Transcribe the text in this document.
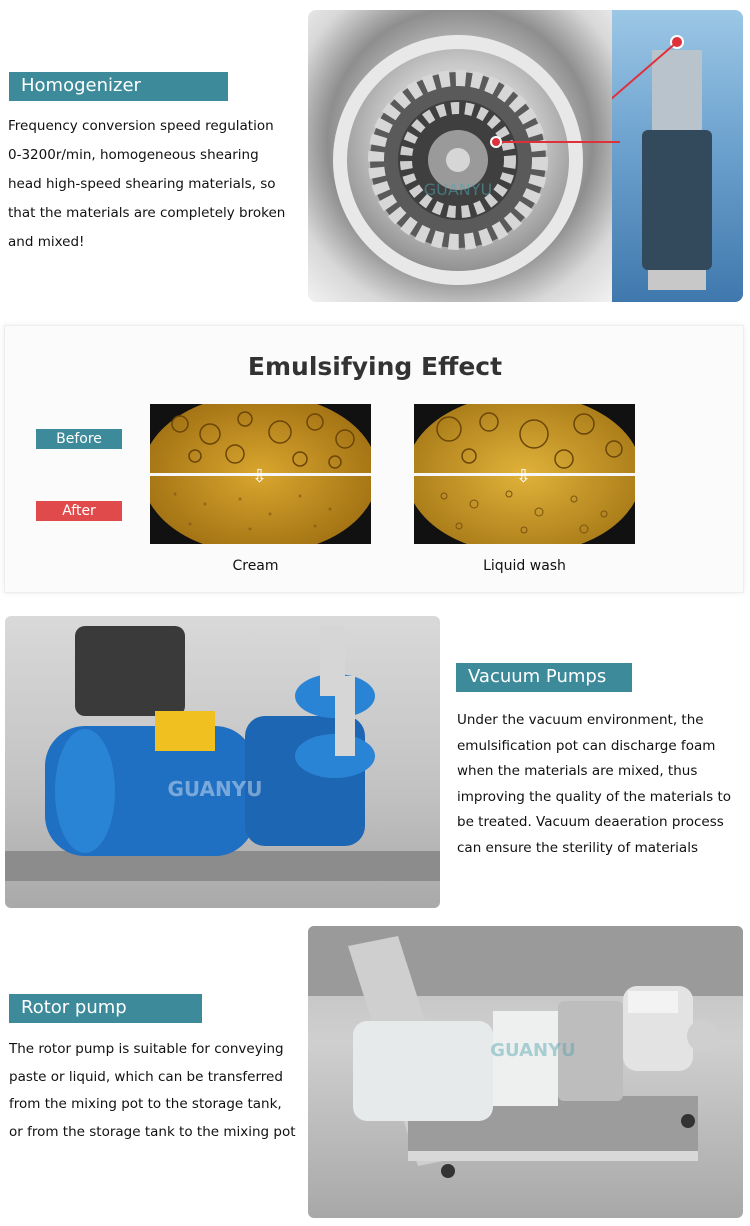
Homogenizer
Frequency conversion speed regulation
0-3200r/min, homogeneous shearing
head high-speed shearing materials, so
that the materials are completely broken
and mixed!
GUANYU
Emulsifying Effect
Before
After
⇩
Cream
⇩
Liquid wash
GUANYU
Vacuum Pumps
Under the vacuum environment, the
emulsification pot can discharge foam
when the materials are mixed, thus
improving the quality of the materials to
be treated. Vacuum deaeration process
can ensure the sterility of materials
Rotor pump
The rotor pump is suitable for conveying
paste or liquid, which can be transferred
from the mixing pot to the storage tank,
or from the storage tank to the mixing pot
GUANYU
